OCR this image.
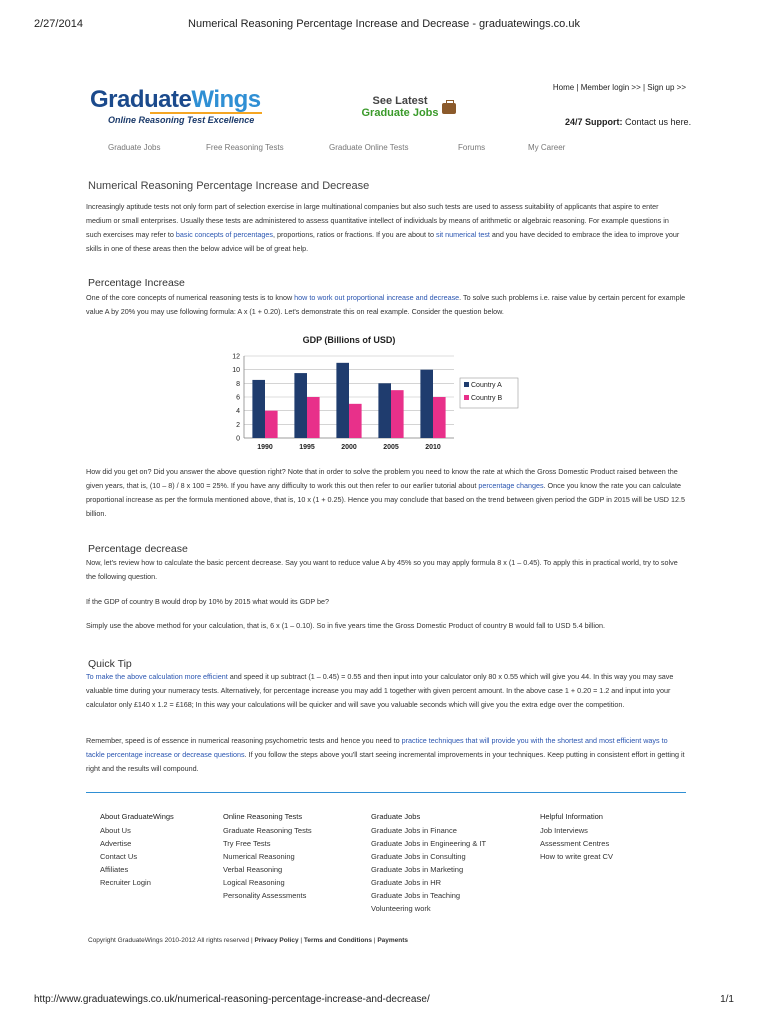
2/27/2014	Numerical Reasoning Percentage Increase and Decrease - graduatewings.co.uk
GraduateWings
Online Reasoning Test Excellence
See Latest
Graduate Jobs
Home | Member login >> | Sign up >>
24/7 Support: Contact us here.
Graduate Jobs	Free Reasoning Tests	Graduate Online Tests	Forums	My Career
Numerical Reasoning Percentage Increase and Decrease
Increasingly aptitude tests not only form part of selection exercise in large multinational companies but also such tests are used to assess suitability of applicants that aspire to enter medium or small enterprises. Usually these tests are administered to assess quantitative intellect of individuals by means of arithmetic or algebraic reasoning. For example questions in such exercises may refer to basic concepts of percentages, proportions, ratios or fractions. If you are about to sit numerical test and you have decided to embrace the idea to improve your skills in one of these areas then the below advice will be of great help.
Percentage Increase
One of the core concepts of numerical reasoning tests is to know how to work out proportional increase and decrease. To solve such problems i.e. raise value by certain percent for example value A by 20% you may use following formula: A x (1 + 0.20). Let's demonstrate this on real example. Consider the question below.
GDP (Billions of USD)
0
2
4
6
8
10
12
1990	1995	2000	2005	2010
Country A
Country B
How did you get on? Did you answer the above question right? Note that in order to solve the problem you need to know the rate at which the Gross Domestic Product raised between the given years, that is, (10 – 8) / 8 x 100 = 25%. If you have any difficulty to work this out then refer to our earlier tutorial about percentage changes. Once you know the rate you can calculate proportional increase as per the formula mentioned above, that is, 10 x (1 + 0.25). Hence you may conclude that based on the trend between given period the GDP in 2015 will be USD 12.5 billion.
Percentage decrease
Now, let's review how to calculate the basic percent decrease. Say you want to reduce value A by 45% so you may apply formula 8 x (1 – 0.45). To apply this in practical world, try to solve the following question.
If the GDP of country B would drop by 10% by 2015 what would its GDP be?
Simply use the above method for your calculation, that is, 6 x (1 – 0.10). So in five years time the Gross Domestic Product of country B would fall to USD 5.4 billion.
Quick Tip
To make the above calculation more efficient and speed it up subtract (1 – 0.45) = 0.55 and then input into your calculator only 80 x 0.55 which will give you 44. In this way you may save valuable time during your numeracy tests. Alternatively, for percentage increase you may add 1 together with given percent amount. In the above case 1 + 0.20 = 1.2 and input into your calculator only £140 x 1.2 = £168; In this way your calculations will be quicker and will save you valuable seconds which will give you the extra edge over the competition.
Remember, speed is of essence in numerical reasoning psychometric tests and hence you need to practice techniques that will provide you with the shortest and most efficient ways to tackle percentage increase or decrease questions. If you follow the steps above you'll start seeing incremental improvements in your techniques. Keep putting in consistent effort in getting it right and the results will compound.
About GraduateWings
About Us
Advertise
Contact Us
Affiliates
Recruiter Login
Online Reasoning Tests
Graduate Reasoning Tests
Try Free Tests
Numerical Reasoning
Verbal Reasoning
Logical Reasoning
Personality Assessments
Graduate Jobs
Graduate Jobs in Finance
Graduate Jobs in Engineering & IT
Graduate Jobs in Consulting
Graduate Jobs in Marketing
Graduate Jobs in HR
Graduate Jobs in Teaching
Volunteering work
Helpful Information
Job Interviews
Assessment Centres
How to write great CV
Copyright GraduateWings 2010-2012 All rights reserved | Privacy Policy | Terms and Conditions | Payments
http://www.graduatewings.co.uk/numerical-reasoning-percentage-increase-and-decrease/	1/1
